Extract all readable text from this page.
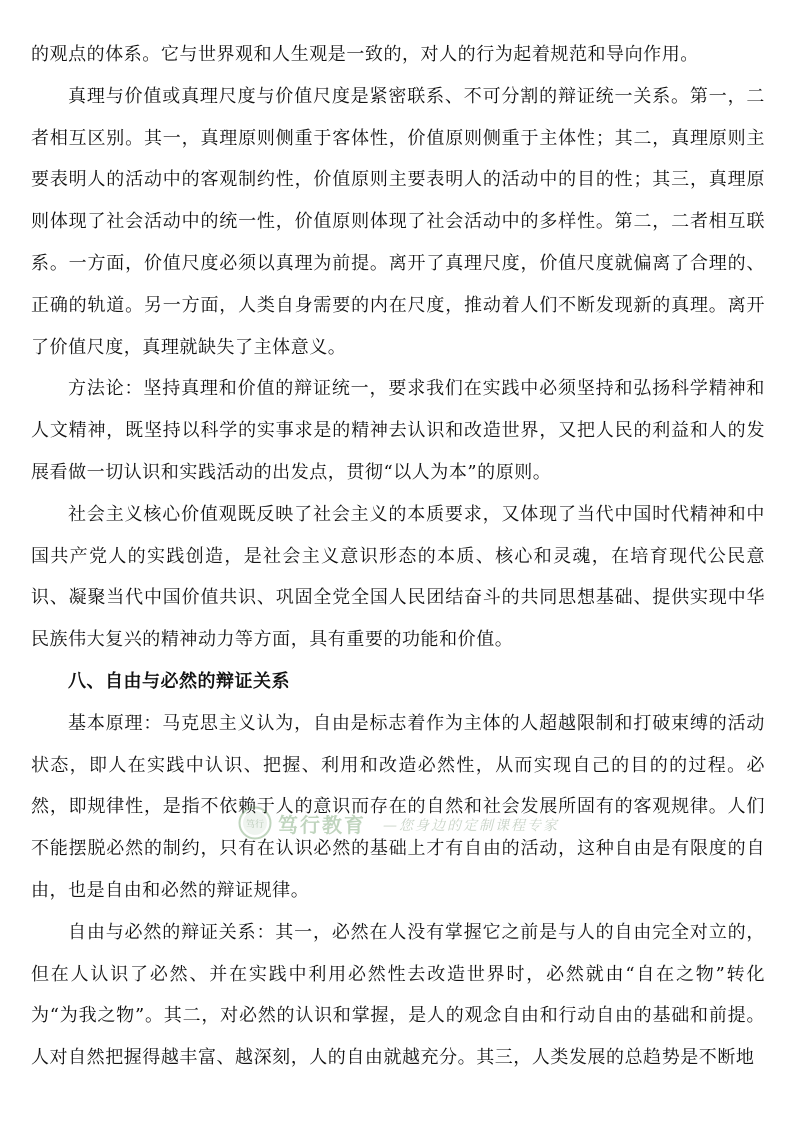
的观点的体系。它与世界观和人生观是一致的，对人的行为起着规范和导向作用。

真理与价值或真理尺度与价值尺度是紧密联系、不可分割的辩证统一关系。第一，二者相互区别。其一，真理原则侧重于客体性，价值原则侧重于主体性；其二，真理原则主要表明人的活动中的客观制约性，价值原则主要表明人的活动中的目的性；其三，真理原则体现了社会活动中的统一性，价值原则体现了社会活动中的多样性。第二，二者相互联系。一方面，价值尺度必须以真理为前提。离开了真理尺度，价值尺度就偏离了合理的、正确的轨道。另一方面，人类自身需要的内在尺度，推动着人们不断发现新的真理。离开了价值尺度，真理就缺失了主体意义。

方法论：坚持真理和价值的辩证统一，要求我们在实践中必须坚持和弘扬科学精神和人文精神，既坚持以科学的实事求是的精神去认识和改造世界，又把人民的利益和人的发展看做一切认识和实践活动的出发点，贯彻“以人为本”的原则。

社会主义核心价值观既反映了社会主义的本质要求，又体现了当代中国时代精神和中国共产党人的实践创造，是社会主义意识形态的本质、核心和灵魂，在培育现代公民意识、凝聚当代中国价值共识、巩固全党全国人民团结奋斗的共同思想基础、提供实现中华民族伟大复兴的精神动力等方面，具有重要的功能和价值。

八、自由与必然的辩证关系

基本原理：马克思主义认为，自由是标志着作为主体的人超越限制和打破束缚的活动状态，即人在实践中认识、把握、利用和改造必然性，从而实现自己的目的的过程。必然，即规律性，是指不依赖于人的意识而存在的自然和社会发展所固有的客观规律。人们不能摆脱必然的制约，只有在认识必然的基础上才有自由的活动，这种自由是有限度的自由，也是自由和必然的辩证规律。

自由与必然的辩证关系：其一，必然在人没有掌握它之前是与人的自由完全对立的，但在人认识了必然、并在实践中利用必然性去改造世界时，必然就由“自在之物”转化为“为我之物”。其二，对必然的认识和掌握，是人的观念自由和行动自由的基础和前提。人对自然把握得越丰富、越深刻，人的自由就越充分。其三，人类发展的总趋势是不断地

笃行 笃行教育 —您身边的定制课程专家
